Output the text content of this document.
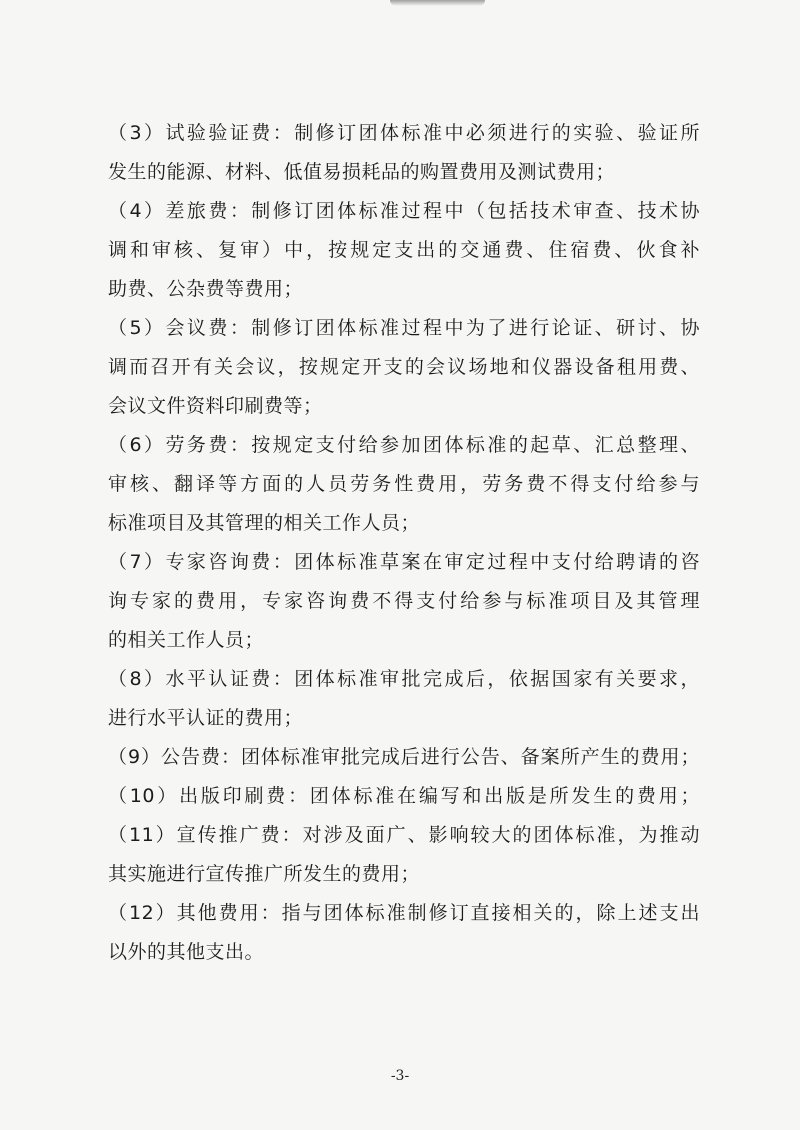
（3）试验验证费：制修订团体标准中必须进行的实验、验证所
发生的能源、材料、低值易损耗品的购置费用及测试费用；
（4）差旅费：制修订团体标准过程中（包括技术审查、技术协
调和审核、复审）中，按规定支出的交通费、住宿费、伙食补
助费、公杂费等费用；
（5）会议费：制修订团体标准过程中为了进行论证、研讨、协
调而召开有关会议，按规定开支的会议场地和仪器设备租用费、
会议文件资料印刷费等；
（6）劳务费：按规定支付给参加团体标准的起草、汇总整理、
审核、翻译等方面的人员劳务性费用，劳务费不得支付给参与
标准项目及其管理的相关工作人员；
（7）专家咨询费：团体标准草案在审定过程中支付给聘请的咨
询专家的费用，专家咨询费不得支付给参与标准项目及其管理
的相关工作人员；
（8）水平认证费：团体标准审批完成后，依据国家有关要求，
进行水平认证的费用；
（9）公告费：团体标准审批完成后进行公告、备案所产生的费用；
（10）出版印刷费：团体标准在编写和出版是所发生的费用；
（11）宣传推广费：对涉及面广、影响较大的团体标准，为推动
其实施进行宣传推广所发生的费用；
（12）其他费用：指与团体标准制修订直接相关的，除上述支出
以外的其他支出。
-3-
